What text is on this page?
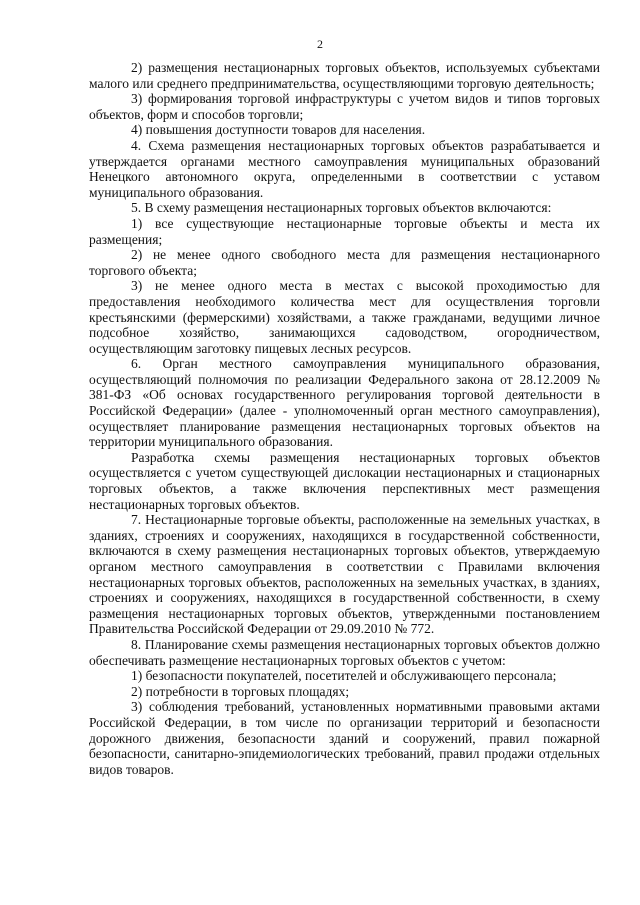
2

2) размещения нестационарных торговых объектов, используемых субъектами малого или среднего предпринимательства, осуществляющими торговую деятельность;

3) формирования торговой инфраструктуры с учетом видов и типов торговых объектов, форм и способов торговли;

4) повышения доступности товаров для населения.

4. Схема размещения нестационарных торговых объектов разрабатывается и утверждается органами местного самоуправления муниципальных образований Ненецкого автономного округа, определенными в соответствии с уставом муниципального образования.

5. В схему размещения нестационарных торговых объектов включаются:

1) все существующие нестационарные торговые объекты и места их размещения;

2) не менее одного свободного места для размещения нестационарного торгового объекта;

3) не менее одного места в местах с высокой проходимостью для предоставления необходимого количества мест для осуществления торговли крестьянскими (фермерскими) хозяйствами, а также гражданами, ведущими личное подсобное хозяйство, занимающихся садоводством, огородничеством, осуществляющим заготовку пищевых лесных ресурсов.

6. Орган местного самоуправления муниципального образования, осуществляющий полномочия по реализации Федерального закона от 28.12.2009 № 381-ФЗ «Об основах государственного регулирования торговой деятельности в Российской Федерации» (далее - уполномоченный орган местного самоуправления), осуществляет планирование размещения нестационарных торговых объектов на территории муниципального образования.

Разработка схемы размещения нестационарных торговых объектов осуществляется с учетом существующей дислокации нестационарных и стационарных торговых объектов, а также включения перспективных мест размещения нестационарных торговых объектов.

7. Нестационарные торговые объекты, расположенные на земельных участках, в зданиях, строениях и сооружениях, находящихся в государственной собственности, включаются в схему размещения нестационарных торговых объектов, утверждаемую органом местного самоуправления в соответствии с Правилами включения нестационарных торговых объектов, расположенных на земельных участках, в зданиях, строениях и сооружениях, находящихся в государственной собственности, в схему размещения нестационарных торговых объектов, утвержденными постановлением Правительства Российской Федерации от 29.09.2010 № 772.

8. Планирование схемы размещения нестационарных торговых объектов должно обеспечивать размещение нестационарных торговых объектов с учетом:

1) безопасности покупателей, посетителей и обслуживающего персонала;

2) потребности в торговых площадях;

3) соблюдения требований, установленных нормативными правовыми актами Российской Федерации, в том числе по организации территорий и безопасности дорожного движения, безопасности зданий и сооружений, правил пожарной безопасности, санитарно-эпидемиологических требований, правил продажи отдельных видов товаров.
